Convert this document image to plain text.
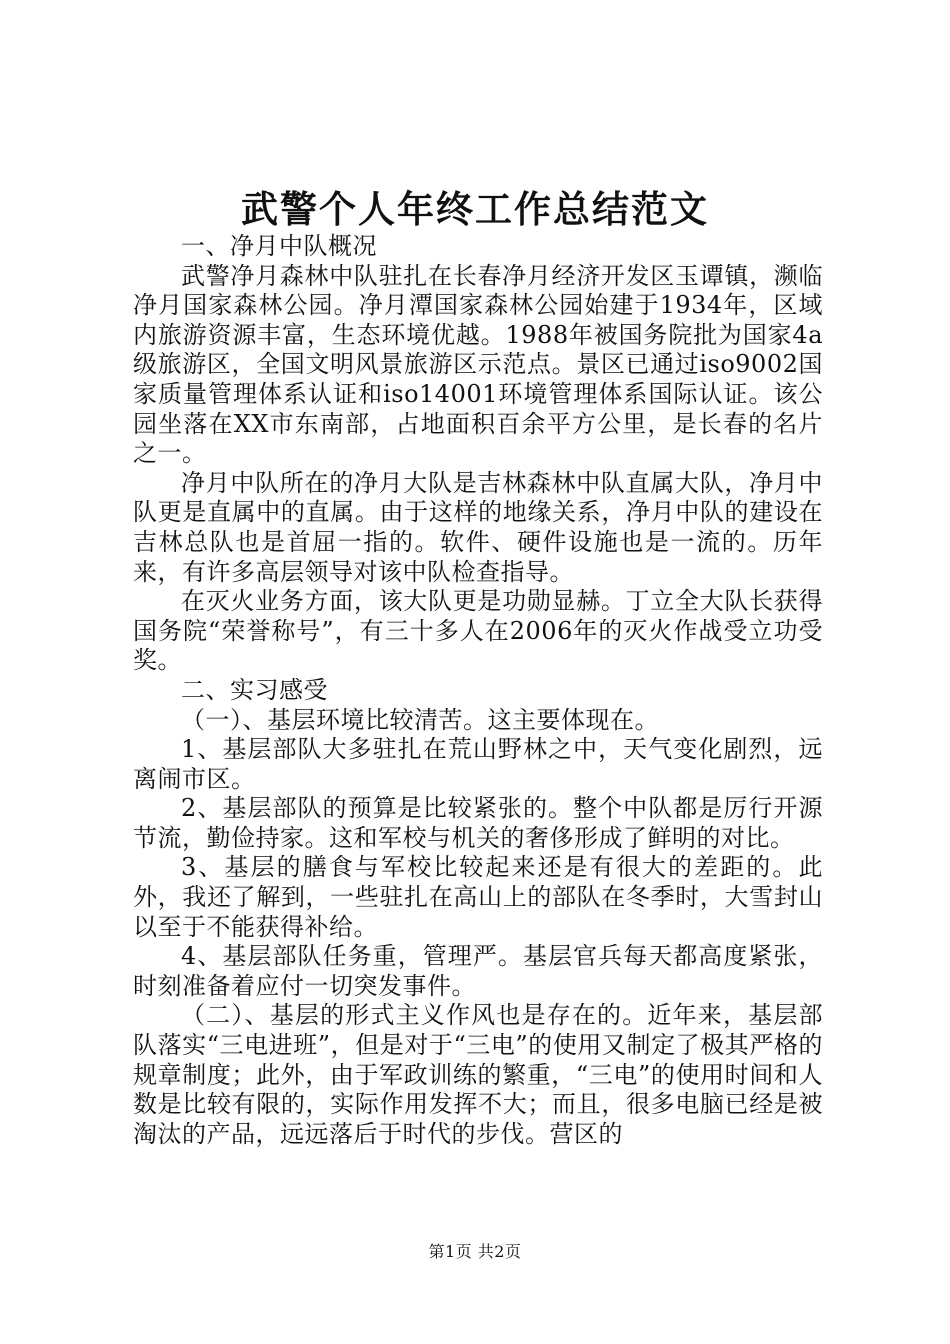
武警个人年终工作总结范文

一、净月中队概况

武警净月森林中队驻扎在长春净月经济开发区玉谭镇，濒临净月国家森林公园。净月潭国家森林公园始建于1934年，区域内旅游资源丰富，生态环境优越。1988年被国务院批为国家4a级旅游区，全国文明风景旅游区示范点。景区已通过iso9002国家质量管理体系认证和iso14001环境管理体系国际认证。该公园坐落在XX市东南部，占地面积百余平方公里，是长春的名片之一。

净月中队所在的净月大队是吉林森林中队直属大队，净月中队更是直属中的直属。由于这样的地缘关系，净月中队的建设在吉林总队也是首屈一指的。软件、硬件设施也是一流的。历年来，有许多高层领导对该中队检查指导。

在灭火业务方面，该大队更是功勋显赫。丁立全大队长获得国务院“荣誉称号”，有三十多人在2006年的灭火作战受立功受奖。

二、实习感受

（一）、基层环境比较清苦。这主要体现在。

1、基层部队大多驻扎在荒山野林之中，天气变化剧烈，远离闹市区。

2、基层部队的预算是比较紧张的。整个中队都是厉行开源节流，勤俭持家。这和军校与机关的奢侈形成了鲜明的对比。

3、基层的膳食与军校比较起来还是有很大的差距的。此外，我还了解到，一些驻扎在高山上的部队在冬季时，大雪封山以至于不能获得补给。

4、基层部队任务重，管理严。基层官兵每天都高度紧张，时刻准备着应付一切突发事件。

（二）、基层的形式主义作风也是存在的。近年来，基层部队落实“三电进班”，但是对于“三电”的使用又制定了极其严格的规章制度；此外，由于军政训练的繁重，“三电”的使用时间和人数是比较有限的，实际作用发挥不大；而且，很多电脑已经是被淘汰的产品，远远落后于时代的步伐。营区的

第1页 共2页
